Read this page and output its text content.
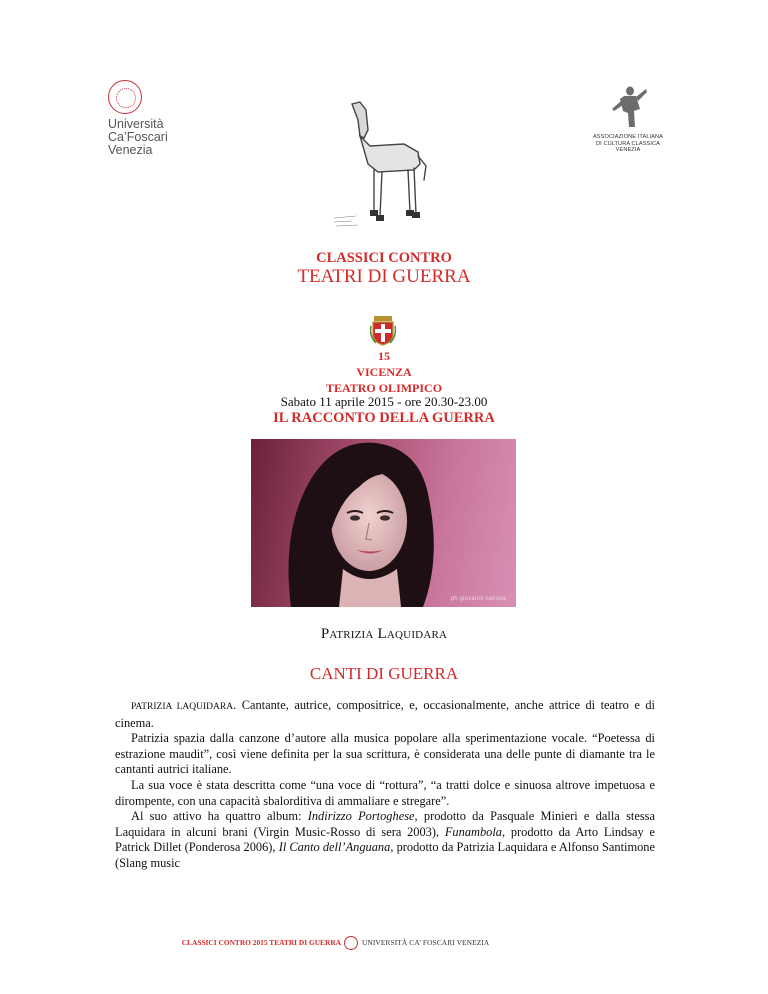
Università
Ca’Foscari
Venezia
ASSOCIAZIONE ITALIANA
DI CULTURA CLASSICA
VENEZIA
CLASSICI CONTRO
TEATRI DI GUERRA
15
VICENZA
TEATRO OLIMPICO
Sabato 11 aprile 2015 - ore 20.30-23.00
IL RACCONTO DELLA GUERRA
ph giovanni canova
PATRIZIA LAQUIDARA
CANTI DI GUERRA

PATRIZIA LAQUIDARA. Cantante, autrice, compositrice, e, occasionalmente, anche attrice di teatro e di cinema.

Patrizia spazia dalla canzone d’autore alla musica popolare alla sperimentazione vocale. “Poetessa di estrazione maudit”, così viene definita per la sua scrittura, è considerata una delle punte di diamante tra le cantanti autrici italiane.

La sua voce è stata descritta come “una voce di “rottura”, “a tratti dolce e sinuosa altrove impetuosa e dirompente, con una capacità sbalorditiva di ammaliare e stregare”.

Al suo attivo ha quattro album: Indirizzo Portoghese, prodotto da Pasquale Minieri e dalla stessa Laquidara in alcuni brani (Virgin Music-Rosso di sera 2003), Funambola, prodotto da Arto Lindsay e Patrick Dillet (Ponderosa 2006), Il Canto dell’Anguana, prodotto da Patrizia Laquidara e Alfonso Santimone (Slang music

CLASSICI CONTRO 2015 TEATRI DI GUERRA	UNIVERSITÀ CA’ FOSCARI VENEZIA
